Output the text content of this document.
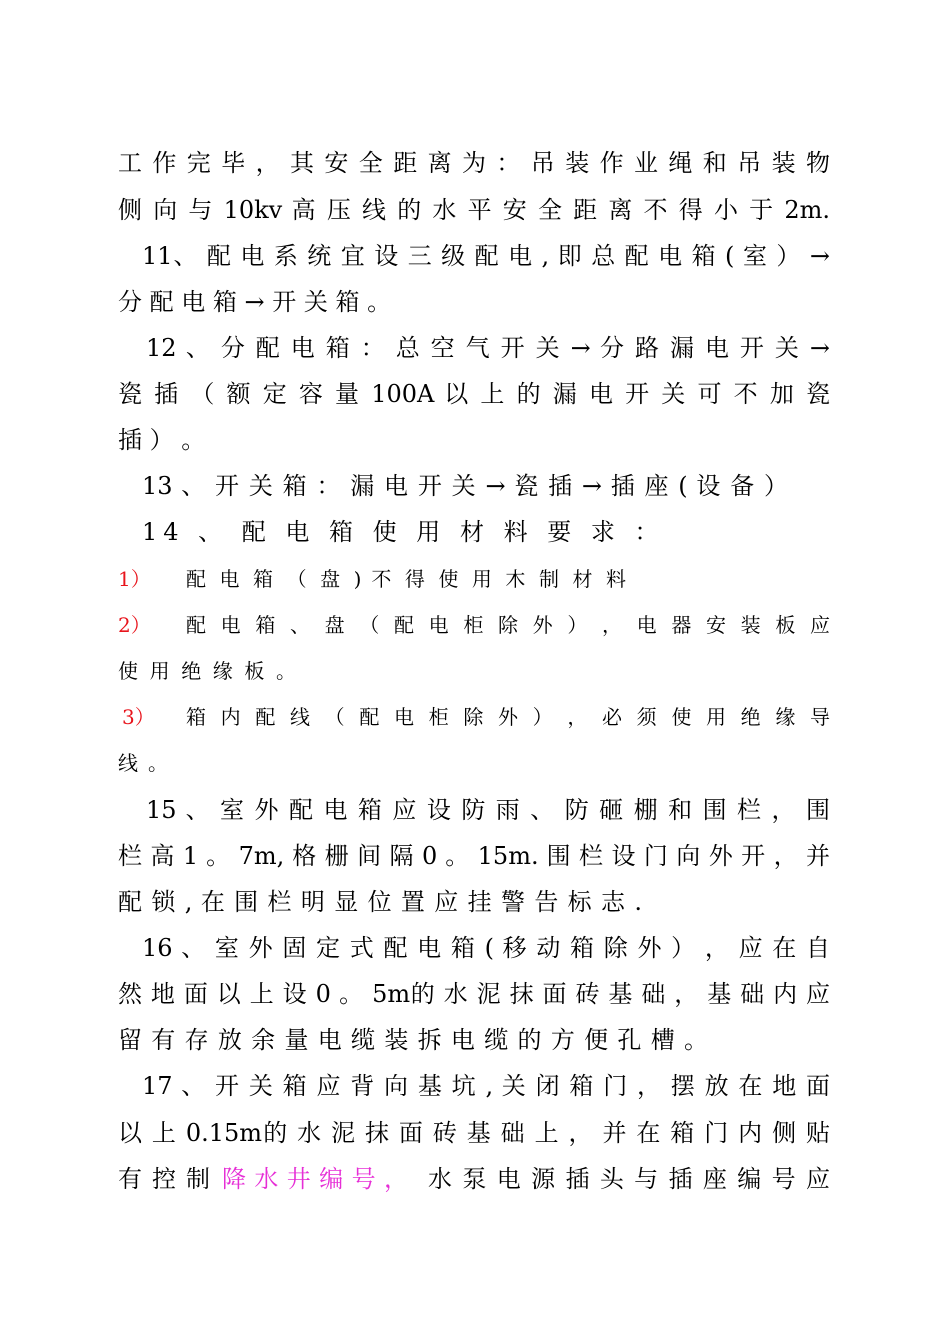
工 作 完 毕 ， 其 安 全 距 离 为 ： 吊 装 作 业 绳 和 吊 装 物
侧 向 与 10kv 高 压 线 的 水 平 安 全 距 离 不 得 小 于 2m.
11、 配 电 系 统 宜 设 三 级 配 电 , 即 总 配 电 箱 ( 室 ） →
分 配 电 箱 → 开 关 箱 。
12 、 分 配 电 箱 ： 总 空 气 开 关 → 分 路 漏 电 开 关 →
瓷 插 （ 额 定 容 量 100A 以 上 的 漏 电 开 关 可 不 加 瓷
插 ） 。
13 、 开 关 箱 ： 漏 电 开 关 → 瓷 插 → 插 座 ( 设 备 ）
14 、 配 电 箱 使 用 材 料 要 求 ：
1）	配 电 箱 （ 盘 ) 不 得 使 用 木 制 材 料
2）	配 电 箱 、 盘 （ 配 电 柜 除 外 ） ， 电 器 安 装 板 应
使 用 绝 缘 板 。
3）	箱 内 配 线 （ 配 电 柜 除 外 ） ， 必 须 使 用 绝 缘 导
线 。
15 、 室 外 配 电 箱 应 设 防 雨 、 防 砸 棚 和 围 栏 ， 围
栏 高 1 。 7m, 格 栅 间 隔 0 。 15m. 围 栏 设 门 向 外 开 ， 并
配 锁 , 在 围 栏 明 显 位 置 应 挂 警 告 标 志 .
16 、 室 外 固 定 式 配 电 箱 ( 移 动 箱 除 外 ） ， 应 在 自
然 地 面 以 上 设 0 。 5m的 水 泥 抹 面 砖 基 础 ， 基 础 内 应
留 有 存 放 余 量 电 缆 装 拆 电 缆 的 方 便 孔 槽 。
17 、 开 关 箱 应 背 向 基 坑 , 关 闭 箱 门 ， 摆 放 在 地 面
以 上 0.15m的 水 泥 抹 面 砖 基 础 上 ， 并 在 箱 门 内 侧 贴
有 控 制 降 水 井 编 号 ， 水 泵 电 源 插 头 与 插 座 编 号 应
